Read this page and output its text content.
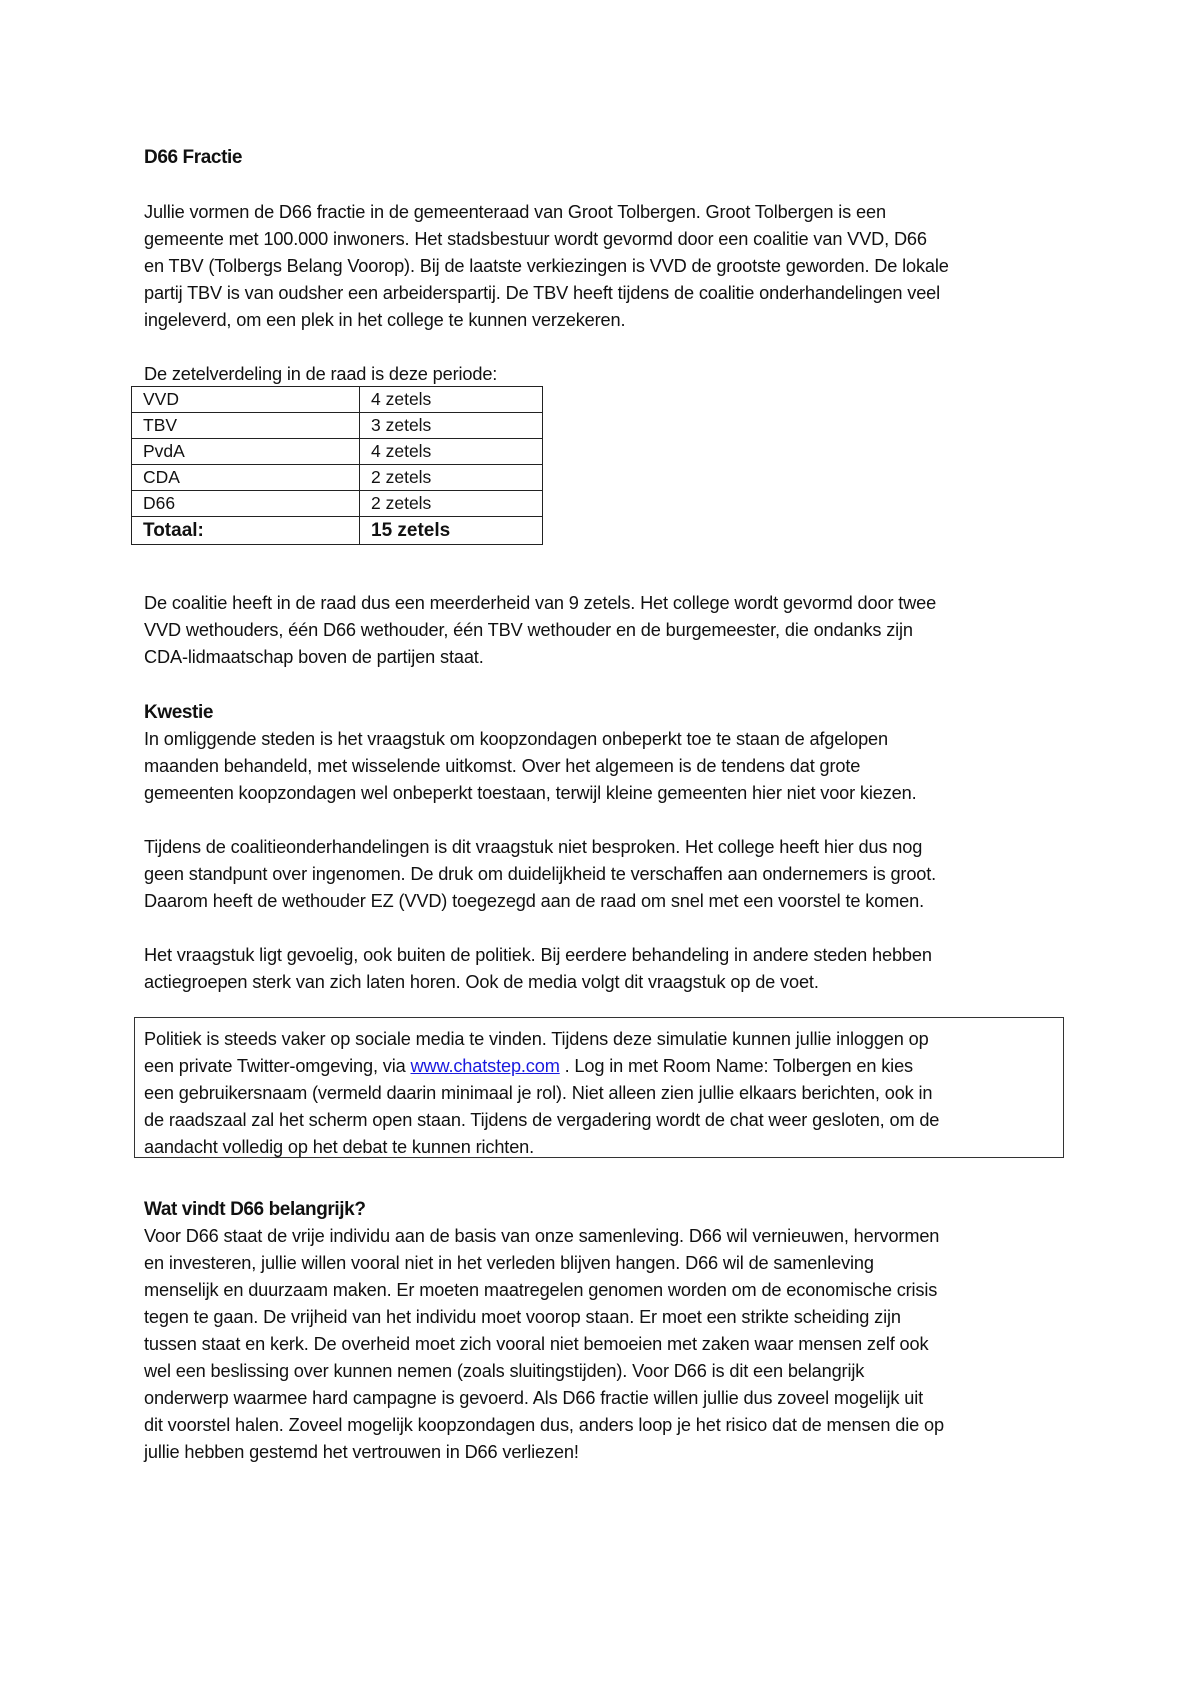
D66 Fractie
Jullie vormen de D66 fractie in de gemeenteraad van Groot Tolbergen. Groot Tolbergen is een
gemeente met 100.000 inwoners. Het stadsbestuur wordt gevormd door een coalitie van VVD, D66
en TBV (Tolbergs Belang Voorop). Bij de laatste verkiezingen is VVD de grootste geworden. De lokale
partij TBV is van oudsher een arbeiderspartij. De TBV heeft tijdens de coalitie onderhandelingen veel
ingeleverd, om een plek in het college te kunnen verzekeren.
De zetelverdeling in de raad is deze periode:
VVD	4 zetels
TBV	3 zetels
PvdA	4 zetels
CDA	2 zetels
D66	2 zetels
Totaal:	15 zetels
De coalitie heeft in de raad dus een meerderheid van 9 zetels. Het college wordt gevormd door twee
VVD wethouders, één D66 wethouder, één TBV wethouder en de burgemeester, die ondanks zijn
CDA-lidmaatschap boven de partijen staat.
Kwestie
In omliggende steden is het vraagstuk om koopzondagen onbeperkt toe te staan de afgelopen
maanden behandeld, met wisselende uitkomst. Over het algemeen is de tendens dat grote
gemeenten koopzondagen wel onbeperkt toestaan, terwijl kleine gemeenten hier niet voor kiezen.
Tijdens de coalitieonderhandelingen is dit vraagstuk niet besproken. Het college heeft hier dus nog
geen standpunt over ingenomen. De druk om duidelijkheid te verschaffen aan ondernemers is groot.
Daarom heeft de wethouder EZ (VVD) toegezegd aan de raad om snel met een voorstel te komen.
Het vraagstuk ligt gevoelig, ook buiten de politiek. Bij eerdere behandeling in andere steden hebben
actiegroepen sterk van zich laten horen. Ook de media volgt dit vraagstuk op de voet.
Politiek is steeds vaker op sociale media te vinden. Tijdens deze simulatie kunnen jullie inloggen op
een private Twitter-omgeving, via www.chatstep.com . Log in met Room Name: Tolbergen en kies
een gebruikersnaam (vermeld daarin minimaal je rol). Niet alleen zien jullie elkaars berichten, ook in
de raadszaal zal het scherm open staan. Tijdens de vergadering wordt de chat weer gesloten, om de
aandacht volledig op het debat te kunnen richten.
Wat vindt D66 belangrijk?
Voor D66 staat de vrije individu aan de basis van onze samenleving. D66 wil vernieuwen, hervormen
en investeren, jullie willen vooral niet in het verleden blijven hangen. D66 wil de samenleving
menselijk en duurzaam maken. Er moeten maatregelen genomen worden om de economische crisis
tegen te gaan. De vrijheid van het individu moet voorop staan. Er moet een strikte scheiding zijn
tussen staat en kerk. De overheid moet zich vooral niet bemoeien met zaken waar mensen zelf ook
wel een beslissing over kunnen nemen (zoals sluitingstijden). Voor D66 is dit een belangrijk
onderwerp waarmee hard campagne is gevoerd. Als D66 fractie willen jullie dus zoveel mogelijk uit
dit voorstel halen. Zoveel mogelijk koopzondagen dus, anders loop je het risico dat de mensen die op
jullie hebben gestemd het vertrouwen in D66 verliezen!
